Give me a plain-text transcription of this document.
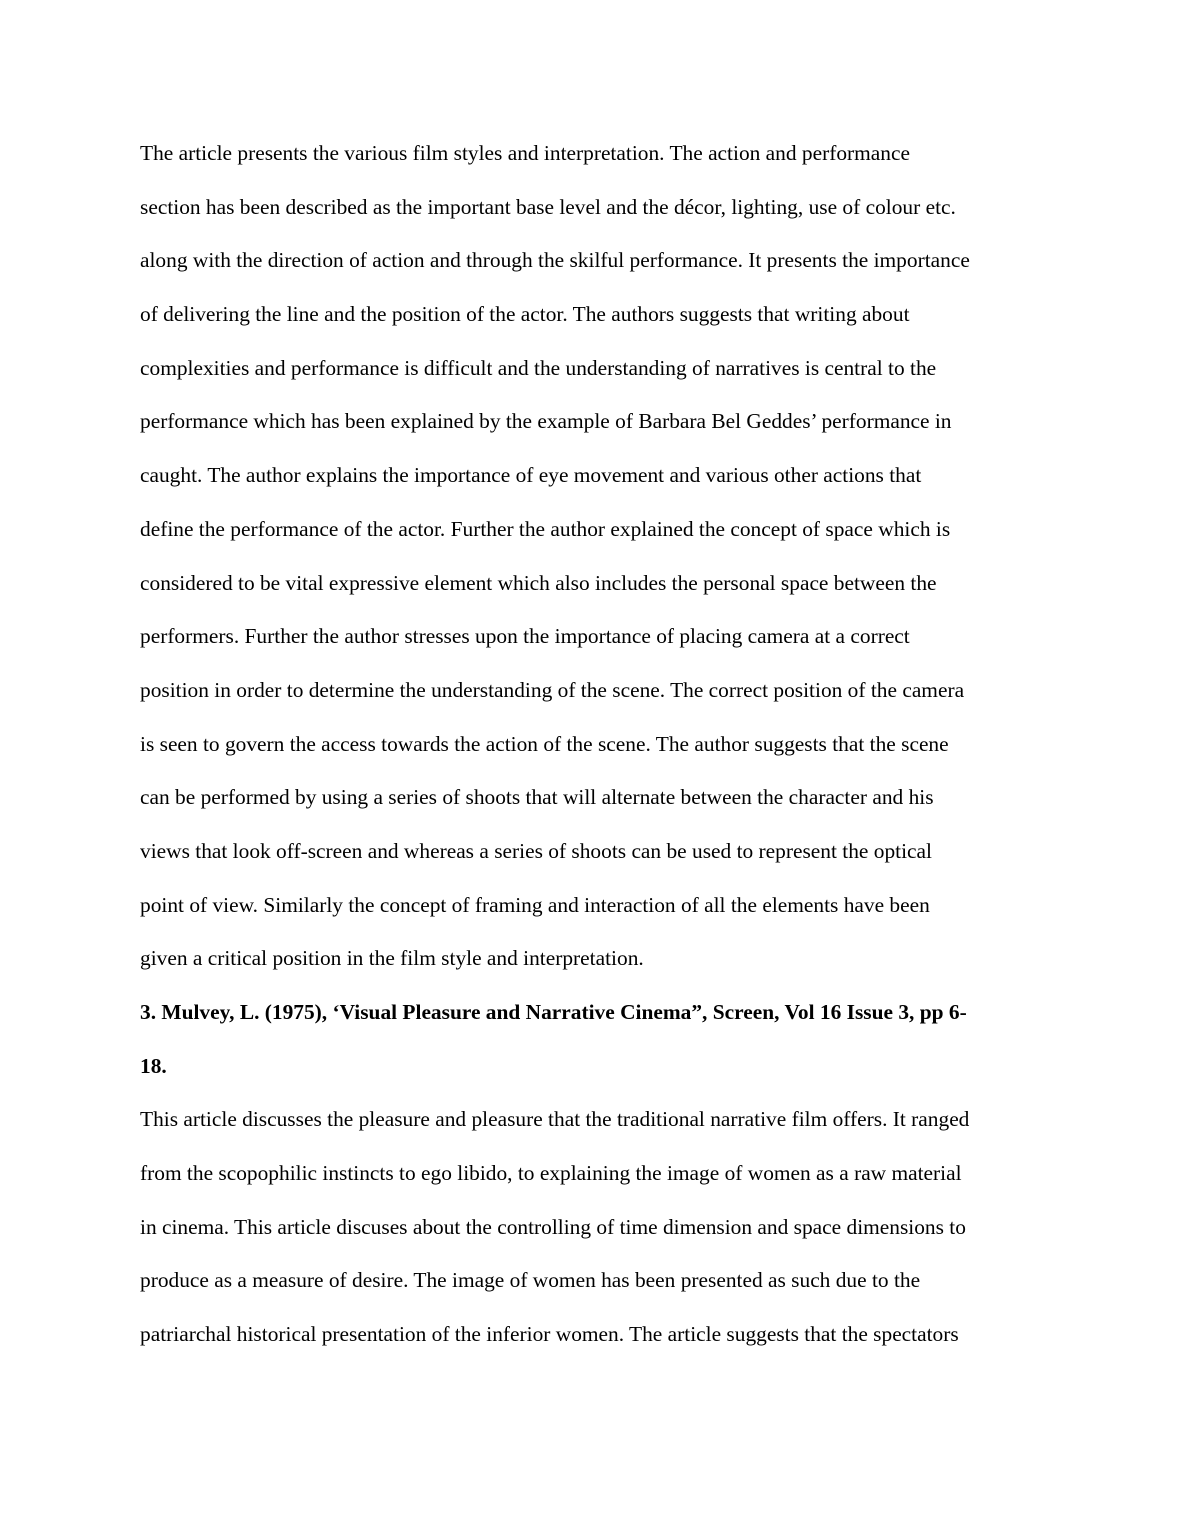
The article presents the various film styles and interpretation. The action and performance
section has been described as the important base level and the décor, lighting, use of colour etc.
along with the direction of action and through the skilful performance. It presents the importance
of delivering the line and the position of the actor. The authors suggests that writing about
complexities and performance is difficult and the understanding of narratives is central to the
performance which has been explained by the example of Barbara Bel Geddes’ performance in
caught. The author explains the importance of eye movement and various other actions that
define the performance of the actor. Further the author explained the concept of space which is
considered to be vital expressive element which also includes the personal space between the
performers. Further the author stresses upon the importance of placing camera at a correct
position in order to determine the understanding of the scene. The correct position of the camera
is seen to govern the access towards the action of the scene. The author suggests that the scene
can be performed by using a series of shoots that will alternate between the character and his
views that look off-screen and whereas a series of shoots can be used to represent the optical
point of view. Similarly the concept of framing and interaction of all the elements have been
given a critical position in the film style and interpretation.
3. Mulvey, L. (1975), ‘Visual Pleasure and Narrative Cinema”, Screen, Vol 16 Issue 3, pp 6-
18.
This article discusses the pleasure and pleasure that the traditional narrative film offers. It ranged
from the scopophilic instincts to ego libido, to explaining the image of women as a raw material
in cinema. This article discuses about the controlling of time dimension and space dimensions to
produce as a measure of desire. The image of women has been presented as such due to the
patriarchal historical presentation of the inferior women. The article suggests that the spectators
